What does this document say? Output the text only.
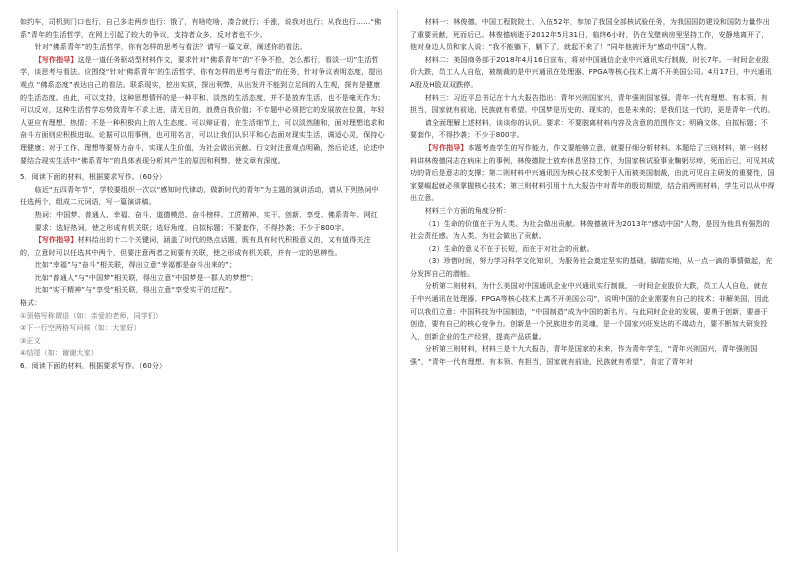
如约车，司机到门口也行，自己多走两步也行：饿了，有啥吃啥，凑合就行；手涨，说我对也行；从我也行……“佛系”青年的生活哲学，在网上引起了较大的争议，支持者众多，反对者也不少。

针对“佛系青年”的生活哲学，你有怎样的思考与看法？请写一篇文章，阐述你的看法。

【写作指导】这是一道任务驱动型材料作文，要求针对“佛系青年”的“不争不抢，怎么都行，看淡一切”生活哲学，谈思考与看法。应围绕“针对‘佛系青年’的生活哲学，你有怎样的思考与看法”的任务，针对争议表明态度，提出观点 “佛系态度”表达自己的看法。联系现实，挖出实质，探出利弊，从出发并不能到立足间的人生观，探有是健康的生活态度。由此，可以支持，这种思想情怀的是一种平和、淡然的生活态度，并不是放弃生活，也不是毫无作为；可以反对，这种生活哲学忘势致青年不求上进，清无目的，浪费自我价值；不专题中必须把它的发展放在位置，年轻人更应有理想，热情；不是一种积极向上的人生态度。可以辩证看，在生活细节上，可以淡然随和，面对理想追求和奋斗方面则应积极进取。论据可以用事例，也可用名言，可以让我们认识平和心态面对现实生活，调适心灵，保持心理健康；对于工作、理想等要努力奋斗，实现人生价值，为社会做出贡献。行文时注意观点明确，然后论述，论述中要结合现实生活中“佛系青年”的具体表现分析其产生的原因和利弊，使文章有深度。

5．阅读下面的材料，根据要求写作。（60分）

临近“五四青年节”，学校要组织一次以“感知时代律动，做新时代的青年”为主题的演讲活动，请从下列热词中任选两个，组成二元词语，写一篇演讲稿。

热词：中国梦、普通人、幸福、奋斗、道德模范、奋斗榜样、工匠精神、实干、创新、享受、佛系青年、网红

要求：选好热词，使之形成有机关联；选好角度，自拟标题；不要套作，不得抄袭；不少于800字。

【写作指导】材料给出的十二个关键词，涵盖了时代的热点话题，既有具有时代积极意义的，又有值得关注的，立意时可以任选其中两个，但要注意两者之间要有关联，使之形成有机关联，并有一定的思辨性。

比如“幸福”与“奋斗”相关联，得出立意“幸福都是奋斗出来的”；

比如“普通人”与“中国梦”相关联，得出立意“中国梦是一群人的梦想”；

比如“实干精神”与“享受”相关联，得出立意“享受实干的过程”。

格式：

①顶格写称谓语（如：亲爱的老师，同学们）

②下一行空两格写问候（如：大家好）

③正文

④结尾（如：谢谢大家）

6．阅读下面的材料，根据要求写作。（60分）

材料一：林俊德，中国工程院院士，入伍52年，参加了我国全部核试验任务，为我国国防建设和国防力量作出了重要贡献，死而后已。林俊德病逝于2012年5月31日，临终6小时，仍在戈壁病房里坚持工作，安静地离开了，他对身边人员和家人说：“我不能躺下，躺下了，就起不来了！”同年他被评为“感动中国”人物。

材料二：美国商务部于2018年4月16日宣布，将对中国通信企业中兴通讯实行制裁，时长7年。一时间企业股价大跌，员工人人自危，被制裁的是中兴通讯在处理器、FPGA等核心技术上离不开美国公司。4月17日，中兴通讯A股及H股双双跌停。

材料三：习近平总书记在十九大报告指出：青年兴则国家兴，青年强则国家强。青年一代有理想、有本领、有担当，国家就有前途，民族就有希望。中国梦是历史的、现实的，也是未来的；是我们这一代的，更是青年一代的。

请全面理解上述材料，谈谈你的认识。要求：不要脱离材料内容及含意的范围作文；明确文体，自拟标题；不要套作，不得抄袭；不少于800字。

【写作指导】本题考查学生的写作能力，作文要能够立意，就要仔细分析材料。本题给了三则材料，第一则材料讲林俊德同志在病床上的事例，林俊德院士放弃休息坚持工作，为国家核试验事业鞠躬尽瘁，死而后已，可见其成功的背后是意志的支撑；第二则材料中兴通讯因为核心技术受制于人而被美国制裁，由此可见自主研发的重要性，国家要崛起就必须掌握核心技术；第三则材料引用十九大报告中对青年的殷切期望，结合前两则材料，学生可以从中得出立意。

材料三个方面的角度分析：

（1）生命的价值在于为人类、为社会做出贡献。林俊德被评为2013年“感动中国”人物，是因为他具有强烈的社会责任感。为人类、为社会做出了贡献。

（2）生命的意义不在于长短，而在于对社会的贡献。

（3）珍惜时间，努力学习科学文化知识，为服务社会奠定坚实的基础，脚踏实地，从一点一滴的事情做起，充分发挥自己的潜能。

分析第二则材料，为什么美国对中国通讯企业中兴通讯实行制裁，一时间企业股价大跌，员工人人自危，就在于中兴通讯在处理器、FPGA等核心技术上离不开美国公司”，说明中国的企业需要有自己的技术；非解美国，因此可以我们立意：中国科技为中国制造，“中国制造”成为中国的新名片。与此同时企业的发展，要勇于创新，要善于创造，要有自己的核心竞争力。创新是一个民族进步的灵魂，是一个国家兴旺发达的不竭动力，要不断加大研发投入，创新企业的生产经营，提高产品质量。

分析第三则材料，材料三是十九大报告，青年是国家的未来，作为青年学生，“青年兴则国兴，青年强则国强”，“青年一代有理想、有本领、有担当，国家就有前途，民族就有希望”，肯定了青年对
